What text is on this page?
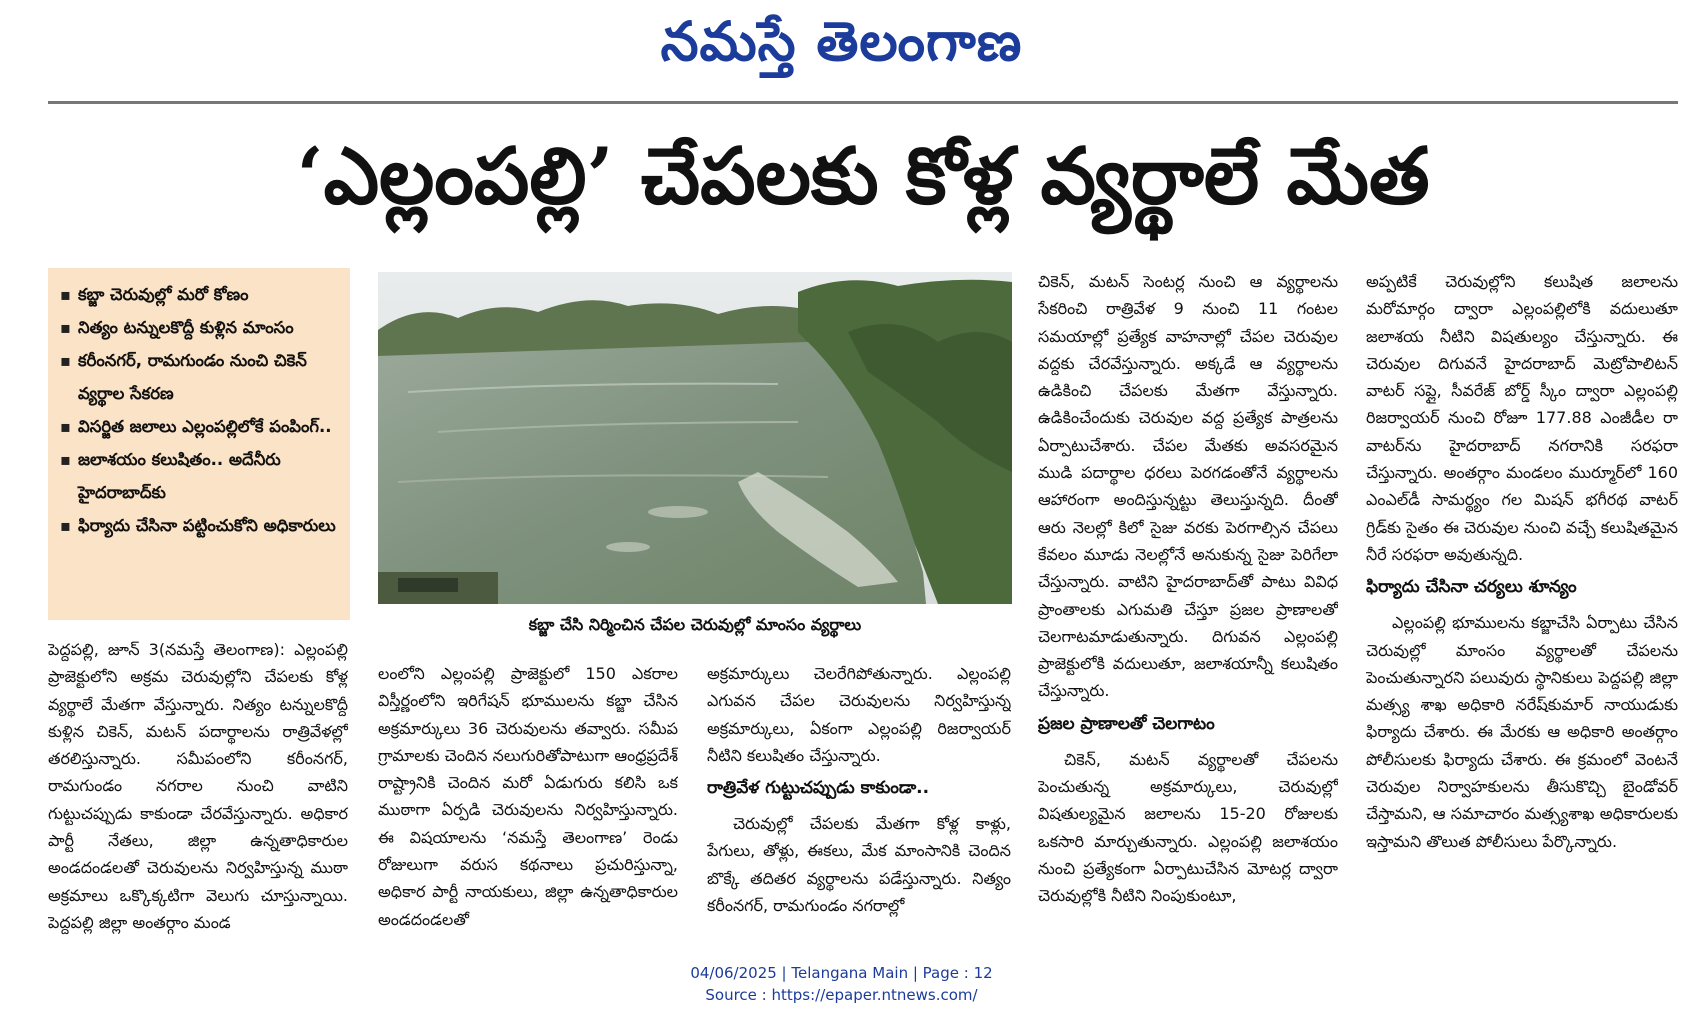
నమస్తే తెలంగాణ
‘ఎల్లంపల్లి’ చేపలకు కోళ్ల వ్యర్థాలే మేత
▪ కబ్జా చెరువుల్లో మరో కోణం
▪ నిత్యం టన్నులకొద్దీ కుళ్లిన మాంసం
▪ కరీంనగర్, రామగుండం నుంచి చికెన్ వ్యర్థాల సేకరణ
▪ విసర్జిత జలాలు ఎల్లంపల్లిలోకే పంపింగ్..
▪ జలాశయం కలుషితం.. అదేనీరు హైదరాబాద్‌కు
▪ ఫిర్యాదు చేసినా పట్టించుకోని అధికారులు
కబ్జా చేసి నిర్మించిన చేపల చెరువుల్లో మాంసం వ్యర్థాలు

పెద్దపల్లి, జూన్ 3(నమస్తే తెలంగాణ): ఎల్లంపల్లి ప్రాజెక్టులోని అక్రమ చెరువుల్లోని చేపలకు కోళ్ల వ్యర్థాలే మేతగా వేస్తున్నారు. నిత్యం టన్నులకొద్దీ కుళ్లిన చికెన్, మటన్ పదార్థాలను రాత్రివేళల్లో తరలిస్తున్నారు. సమీపంలోని కరీంనగర్, రామగుండం నగరాల నుంచి వాటిని గుట్టుచప్పుడు కాకుండా చేరవేస్తున్నారు. అధికార పార్టీ నేతలు, జిల్లా ఉన్నతాధికారుల అండదండలతో చెరువులను నిర్వహిస్తున్న ముఠా అక్రమాలు ఒక్కొక్కటిగా వెలుగు చూస్తున్నాయి. పెద్దపల్లి జిల్లా అంతర్గాం మండ

లంలోని ఎల్లంపల్లి ప్రాజెక్టులో 150 ఎకరాల విస్తీర్ణంలోని ఇరిగేషన్ భూములను కబ్జా చేసిన అక్రమార్కులు 36 చెరువులను తవ్వారు. సమీప గ్రామాలకు చెందిన నలుగురితోపాటుగా ఆంధ్రప్రదేశ్ రాష్ట్రానికి చెందిన మరో ఏడుగురు కలిసి ఒక ముఠాగా ఏర్పడి చెరువులను నిర్వహిస్తున్నారు. ఈ విషయాలను ‘నమస్తే తెలంగాణ’ రెండు రోజులుగా వరుస కథనాలు ప్రచురిస్తున్నా, అధికార పార్టీ నాయకులు, జిల్లా ఉన్నతాధికారుల అండదండలతో

అక్రమార్కులు చెలరేగిపోతున్నారు. ఎల్లంపల్లి ఎగువన చేపల చెరువులను నిర్వహిస్తున్న అక్రమార్కులు, ఏకంగా ఎల్లంపల్లి రిజర్వాయర్ నీటిని కలుషితం చేస్తున్నారు.

రాత్రివేళ గుట్టుచప్పుడు కాకుండా..

చెరువుల్లో చేపలకు మేతగా కోళ్ల కాళ్లు, పేగులు, తోళ్లు, ఈకలు, మేక మాంసానికి చెందిన బొక్కే తదితర వ్యర్థాలను పడేస్తున్నారు. నిత్యం కరీంనగర్, రామగుండం నగరాల్లో

చికెన్, మటన్ సెంటర్ల నుంచి ఆ వ్యర్థాలను సేకరించి రాత్రివేళ 9 నుంచి 11 గంటల సమయాల్లో ప్రత్యేక వాహనాల్లో చేపల చెరువుల వద్దకు చేరవేస్తున్నారు. అక్కడే ఆ వ్యర్థాలను ఉడికించి చేపలకు మేతగా వేస్తున్నారు. ఉడికించేందుకు చెరువుల వద్ద ప్రత్యేక పాత్రలను ఏర్పాటుచేశారు. చేపల మేతకు అవసరమైన ముడి పదార్థాల ధరలు పెరగడంతోనే వ్యర్థాలను ఆహారంగా అందిస్తున్నట్టు తెలుస్తున్నది. దీంతో ఆరు నెలల్లో కిలో సైజు వరకు పెరగాల్సిన చేపలు కేవలం మూడు నెలల్లోనే అనుకున్న సైజు పెరిగేలా చేస్తున్నారు. వాటిని హైదరాబాద్‌తో పాటు వివిధ ప్రాంతాలకు ఎగుమతి చేస్తూ ప్రజల ప్రాణాలతో చెలగాటమాడుతున్నారు. దిగువన ఎల్లంపల్లి ప్రాజెక్టులోకి వదులుతూ, జలాశయాన్నీ కలుషితం చేస్తున్నారు.

ప్రజల ప్రాణాలతో చెలగాటం

చికెన్, మటన్ వ్యర్థాలతో చేపలను పెంచుతున్న అక్రమార్కులు, చెరువుల్లో విషతుల్యమైన జలాలను 15-20 రోజులకు ఒకసారి మార్చుతున్నారు. ఎల్లంపల్లి జలాశయం నుంచి ప్రత్యేకంగా ఏర్పాటుచేసిన మోటర్ల ద్వారా చెరువుల్లోకి నీటిని నింపుకుంటూ,

అప్పటికే చెరువుల్లోని కలుషిత జలాలను మరోమార్గం ద్వారా ఎల్లంపల్లిలోకి వదులుతూ జలాశయ నీటిని విషతుల్యం చేస్తున్నారు. ఈ చెరువుల దిగువనే హైదరాబాద్ మెట్రోపాలిటన్ వాటర్ సప్లై, సీవరేజ్ బోర్డ్ స్కీం ద్వారా ఎల్లంపల్లి రిజర్వాయర్ నుంచి రోజూ 177.88 ఎంజీడీల రా వాటర్‌ను హైదరాబాద్ నగరానికి సరఫరా చేస్తున్నారు. అంతర్గాం మండలం ముర్మూర్‌లో 160 ఎంఎల్‌డీ సామర్థ్యం గల మిషన్ భగీరథ వాటర్ గ్రిడ్‌కు సైతం ఈ చెరువుల నుంచి వచ్చే కలుషితమైన నీరే సరఫరా అవుతున్నది.

ఫిర్యాదు చేసినా చర్యలు శూన్యం

ఎల్లంపల్లి భూములను కబ్జాచేసి ఏర్పాటు చేసిన చెరువుల్లో మాంసం వ్యర్థాలతో చేపలను పెంచుతున్నారని పలువురు స్థానికులు పెద్దపల్లి జిల్లా మత్స్య శాఖ అధికారి నరేష్‌కుమార్ నాయుడుకు ఫిర్యాదు చేశారు. ఈ మేరకు ఆ అధికారి అంతర్గాం పోలీసులకు ఫిర్యాదు చేశారు. ఈ క్రమంలో వెంటనే చెరువుల నిర్వాహకులను తీసుకొచ్చి బైండోవర్ చేస్తామని, ఆ సమాచారం మత్స్యశాఖ అధికారులకు ఇస్తామని తొలుత పోలీసులు పేర్కొన్నారు.

04/06/2025 | Telangana Main | Page : 12
Source : https://epaper.ntnews.com/
